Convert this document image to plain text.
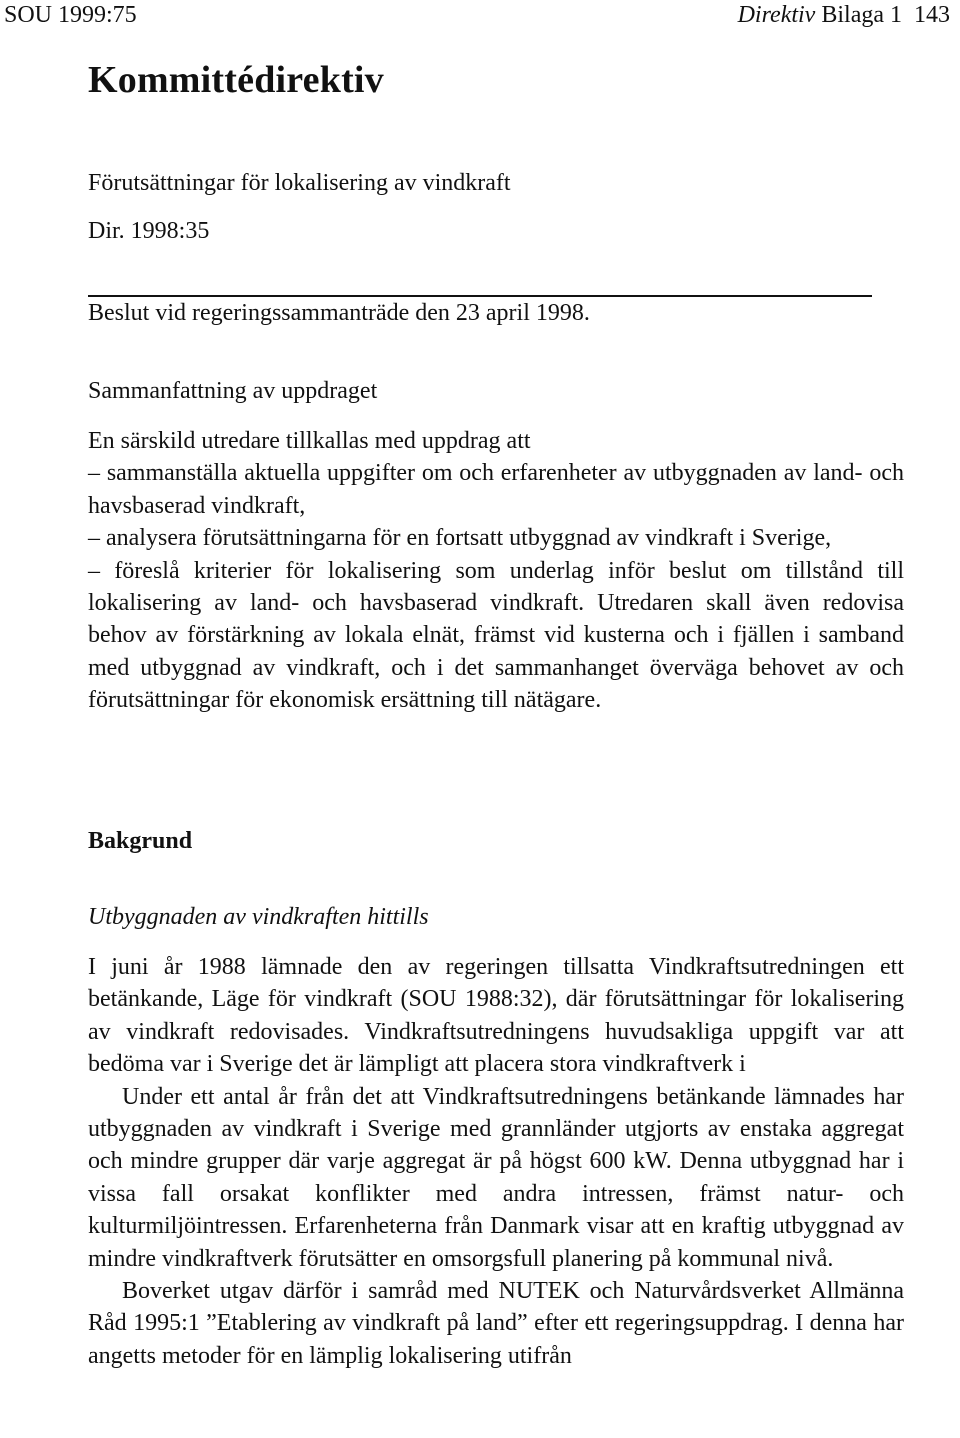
SOU 1999:75	Direktiv Bilaga 1  143
Kommittédirektiv
Förutsättningar för lokalisering av vindkraft
Dir. 1998:35
Beslut vid regeringssammanträde den 23 april 1998.
Sammanfattning av uppdraget

En särskild utredare tillkallas med uppdrag att

– sammanställa aktuella uppgifter om och erfarenheter av utbyggnaden av land- och havsbaserad vindkraft,

– analysera förutsättningarna för en fortsatt utbyggnad av vindkraft i Sverige,

– föreslå kriterier för lokalisering som underlag inför beslut om tillstånd till lokalisering av land- och havsbaserad vindkraft. Utredaren skall även redovisa behov av förstärkning av lokala elnät, främst vid kusterna och i fjällen i samband med utbyggnad av vindkraft, och i det sammanhanget överväga behovet av och förutsättningar för ekonomisk ersättning till nätägare.

Bakgrund
Utbyggnaden av vindkraften hittills

I juni år 1988 lämnade den av regeringen tillsatta Vindkraftsutredningen ett betänkande, Läge för vindkraft (SOU 1988:32), där förutsättningar för lokalisering av vindkraft redovisades. Vindkraftsutredningens huvudsakliga uppgift var att bedöma var i Sverige det är lämpligt att placera stora vindkraftverk i

Under ett antal år från det att Vindkraftsutredningens betänkande lämnades har utbyggnaden av vindkraft i Sverige med grannländer utgjorts av enstaka aggregat och mindre grupper där varje aggregat är på högst 600 kW. Denna utbyggnad har i vissa fall orsakat konflikter med andra intressen, främst natur- och kulturmiljöintressen. Erfarenheterna från Danmark visar att en kraftig utbyggnad av mindre vindkraftverk förutsätter en omsorgsfull planering på kommunal nivå.

Boverket utgav därför i samråd med NUTEK och Naturvårdsverket Allmänna Råd 1995:1 ”Etablering av vindkraft på land” efter ett regeringsuppdrag. I denna har angetts metoder för en lämplig lokalisering utifrån
